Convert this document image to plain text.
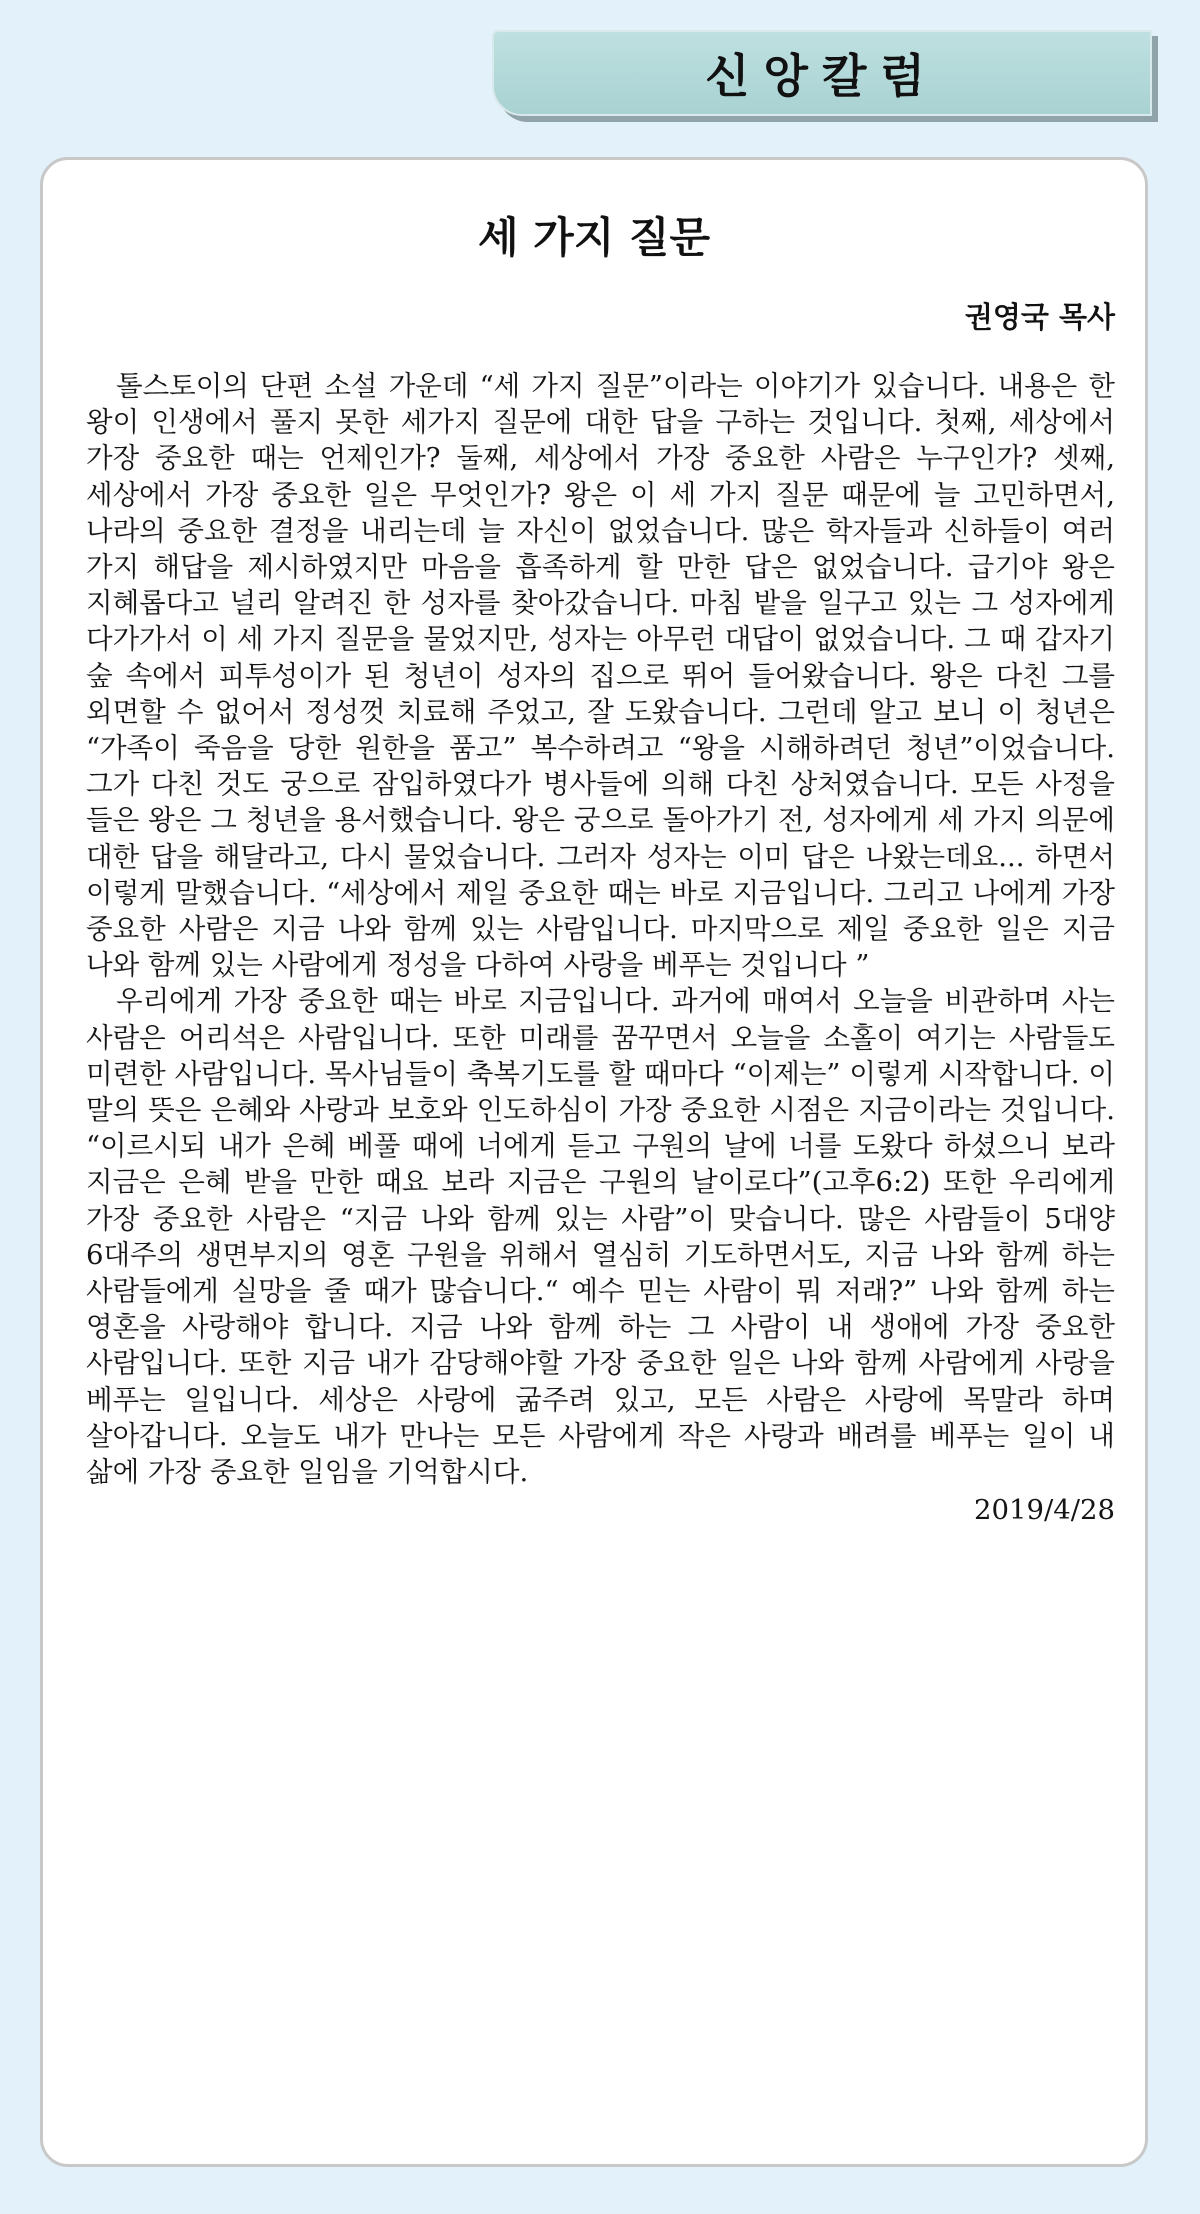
신앙칼럼
세 가지 질문
권영국 목사

톨스토이의 단편 소설 가운데 “세 가지 질문”이라는 이야기가 있습니다. 내용은 한 왕이 인생에서 풀지 못한 세가지 질문에 대한 답을 구하는 것입니다. 첫째, 세상에서 가장 중요한 때는 언제인가? 둘째, 세상에서 가장 중요한 사람은 누구인가? 셋째, 세상에서 가장 중요한 일은 무엇인가? 왕은 이 세 가지 질문 때문에 늘 고민하면서, 나라의 중요한 결정을 내리는데 늘 자신이 없었습니다. 많은 학자들과 신하들이 여러 가지 해답을 제시하였지만 마음을 흡족하게 할 만한 답은 없었습니다. 급기야 왕은 지혜롭다고 널리 알려진 한 성자를 찾아갔습니다. 마침 밭을 일구고 있는 그 성자에게 다가가서 이 세 가지 질문을 물었지만, 성자는 아무런 대답이 없었습니다. 그 때 갑자기 숲 속에서 피투성이가 된 청년이 성자의 집으로 뛰어 들어왔습니다. 왕은 다친 그를 외면할 수 없어서 정성껏 치료해 주었고, 잘 도왔습니다. 그런데 알고 보니 이 청년은 “가족이 죽음을 당한 원한을 품고” 복수하려고 “왕을 시해하려던 청년”이었습니다. 그가 다친 것도 궁으로 잠입하였다가 병사들에 의해 다친 상처였습니다. 모든 사정을 들은 왕은 그 청년을 용서했습니다. 왕은 궁으로 돌아가기 전, 성자에게 세 가지 의문에 대한 답을 해달라고, 다시 물었습니다. 그러자 성자는 이미 답은 나왔는데요... 하면서 이렇게 말했습니다. “세상에서 제일 중요한 때는 바로 지금입니다. 그리고 나에게 가장 중요한 사람은 지금 나와 함께 있는 사람입니다. 마지막으로 제일 중요한 일은 지금 나와 함께 있는 사람에게 정성을 다하여 사랑을 베푸는 것입니다 ”

우리에게 가장 중요한 때는 바로 지금입니다. 과거에 매여서 오늘을 비관하며 사는 사람은 어리석은 사람입니다. 또한 미래를 꿈꾸면서 오늘을 소홀이 여기는 사람들도 미련한 사람입니다. 목사님들이 축복기도를 할 때마다 “이제는” 이렇게 시작합니다. 이 말의 뜻은 은혜와 사랑과 보호와 인도하심이 가장 중요한 시점은 지금이라는 것입니다. “이르시되 내가 은혜 베풀 때에 너에게 듣고 구원의 날에 너를 도왔다 하셨으니 보라 지금은 은혜 받을 만한 때요 보라 지금은 구원의 날이로다”(고후6:2) 또한 우리에게 가장 중요한 사람은 “지금 나와 함께 있는 사람”이 맞습니다. 많은 사람들이 5대양 6대주의 생면부지의 영혼 구원을 위해서 열심히 기도하면서도, 지금 나와 함께 하는 사람들에게 실망을 줄 때가 많습니다.“ 예수 믿는 사람이 뭐 저래?” 나와 함께 하는 영혼을 사랑해야 합니다. 지금 나와 함께 하는 그 사람이 내 생애에 가장 중요한 사람입니다. 또한 지금 내가 감당해야할 가장 중요한 일은 나와 함께 사람에게 사랑을 베푸는 일입니다. 세상은 사랑에 굶주려 있고, 모든 사람은 사랑에 목말라 하며 살아갑니다. 오늘도 내가 만나는 모든 사람에게 작은 사랑과 배려를 베푸는 일이 내 삶에 가장 중요한 일임을 기억합시다.

2019/4/28
